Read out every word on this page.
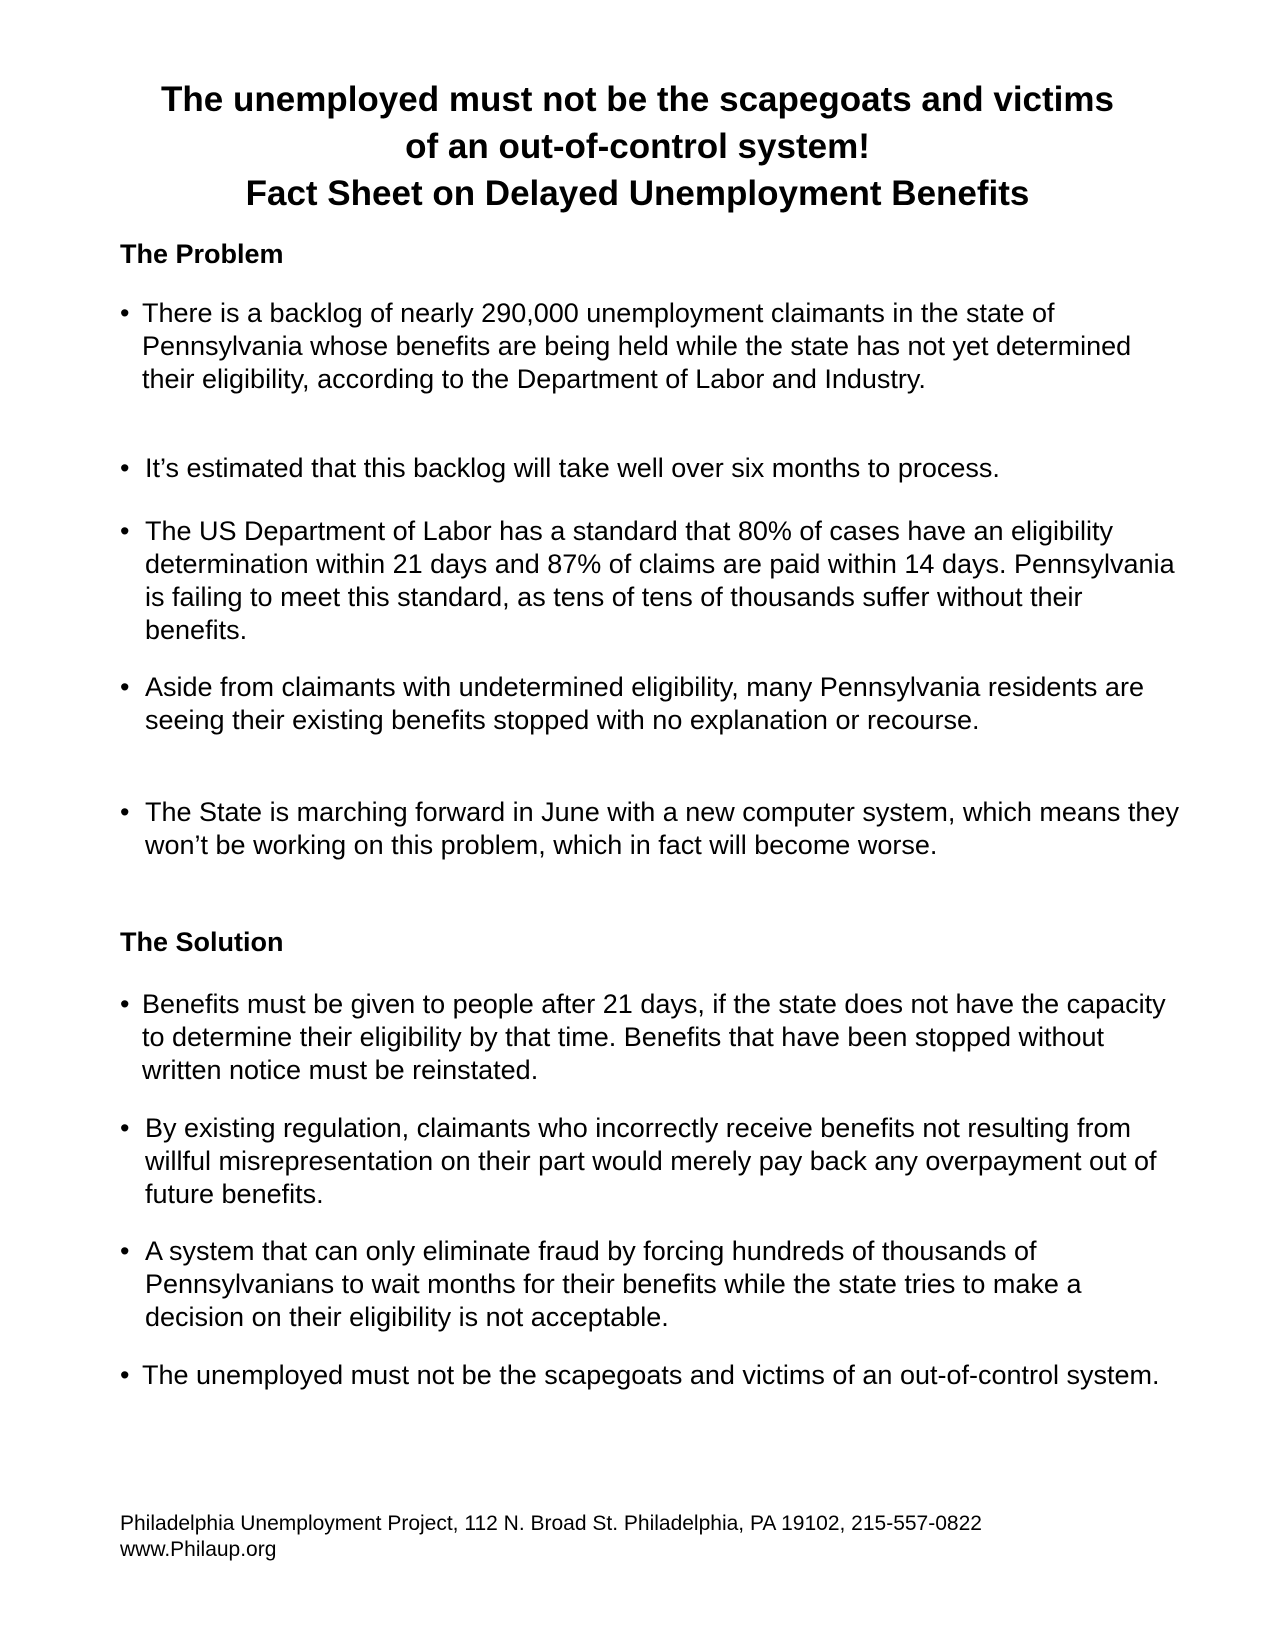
The unemployed must not be the scapegoats and victims
of an out-of-control system!
Fact Sheet on Delayed Unemployment Benefits
The Problem
• There is a backlog of nearly 290,000 unemployment claimants in the state of Pennsylvania whose benefits are being held while the state has not yet determined their eligibility, according to the Department of Labor and Industry.
• It’s estimated that this backlog will take well over six months to process.
• The US Department of Labor has a standard that 80% of cases have an eligibility determination within 21 days and 87% of claims are paid within 14 days. Pennsylvania is failing to meet this standard, as tens of tens of thousands suffer without their benefits.
• Aside from claimants with undetermined eligibility, many Pennsylvania residents are seeing their existing benefits stopped with no explanation or recourse.
• The State is marching forward in June with a new computer system, which means they won’t be working on this problem, which in fact will become worse.
The Solution
• Benefits must be given to people after 21 days, if the state does not have the capacity to determine their eligibility by that time. Benefits that have been stopped without written notice must be reinstated.
• By existing regulation, claimants who incorrectly receive benefits not resulting from willful misrepresentation on their part would merely pay back any overpayment out of future benefits.
• A system that can only eliminate fraud by forcing hundreds of thousands of Pennsylvanians to wait months for their benefits while the state tries to make a decision on their eligibility is not acceptable.
• The unemployed must not be the scapegoats and victims of an out-of-control system.
Philadelphia Unemployment Project, 112 N. Broad St. Philadelphia, PA 19102, 215-557-0822
www.Philaup.org
